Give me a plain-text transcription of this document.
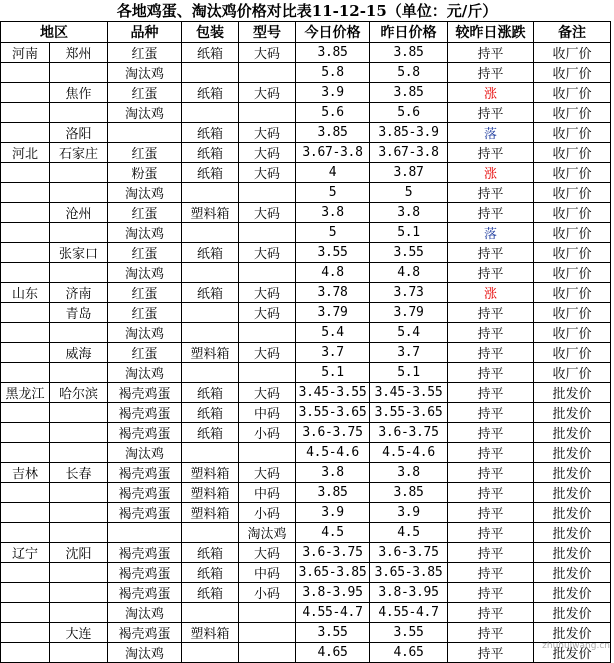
各地鸡蛋、淘汰鸡价格对比表11-12-15（单位：元/斤）
地区		品种	包装	型号	今日价格	昨日价格	较昨日涨跌	备注
河南	郑州	红蛋	纸箱	大码	3.85	3.85	持平	收厂价
		淘汰鸡			5.8	5.8	持平	收厂价
	焦作	红蛋	纸箱	大码	3.9	3.85	涨	收厂价
		淘汰鸡			5.6	5.6	持平	收厂价
	洛阳		纸箱	大码	3.85	3.85-3.9	落	收厂价
河北	石家庄	红蛋	纸箱	大码	3.67-3.8	3.67-3.8	持平	收厂价
		粉蛋	纸箱	大码	4	3.87	涨	收厂价
		淘汰鸡			5	5	持平	收厂价
	沧州	红蛋	塑料箱	大码	3.8	3.8	持平	收厂价
		淘汰鸡			5	5.1	落	收厂价
	张家口	红蛋	纸箱	大码	3.55	3.55	持平	收厂价
		淘汰鸡			4.8	4.8	持平	收厂价
山东	济南	红蛋	纸箱	大码	3.78	3.73	涨	收厂价
	青岛	红蛋		大码	3.79	3.79	持平	收厂价
		淘汰鸡			5.4	5.4	持平	收厂价
	威海	红蛋	塑料箱	大码	3.7	3.7	持平	收厂价
		淘汰鸡			5.1	5.1	持平	收厂价
黑龙江	哈尔滨	褐壳鸡蛋	纸箱	大码	3.45-3.55	3.45-3.55	持平	批发价
		褐壳鸡蛋	纸箱	中码	3.55-3.65	3.55-3.65	持平	批发价
		褐壳鸡蛋	纸箱	小码	3.6-3.75	3.6-3.75	持平	批发价
		淘汰鸡			4.5-4.6	4.5-4.6	持平	批发价
吉林	长春	褐壳鸡蛋	塑料箱	大码	3.8	3.8	持平	批发价
		褐壳鸡蛋	塑料箱	中码	3.85	3.85	持平	批发价
		褐壳鸡蛋	塑料箱	小码	3.9	3.9	持平	批发价
				淘汰鸡	4.5	4.5	持平	批发价
辽宁	沈阳	褐壳鸡蛋	纸箱	大码	3.6-3.75	3.6-3.75	持平	批发价
		褐壳鸡蛋	纸箱	中码	3.65-3.85	3.65-3.85	持平	批发价
		褐壳鸡蛋	纸箱	小码	3.8-3.95	3.8-3.95	持平	批发价
		淘汰鸡			4.55-4.7	4.55-4.7	持平	批发价
	大连	褐壳鸡蛋	塑料箱		3.55	3.55	持平	批发价
		淘汰鸡			4.65	4.65	持平	批发价
zhuhuiwang.cn
